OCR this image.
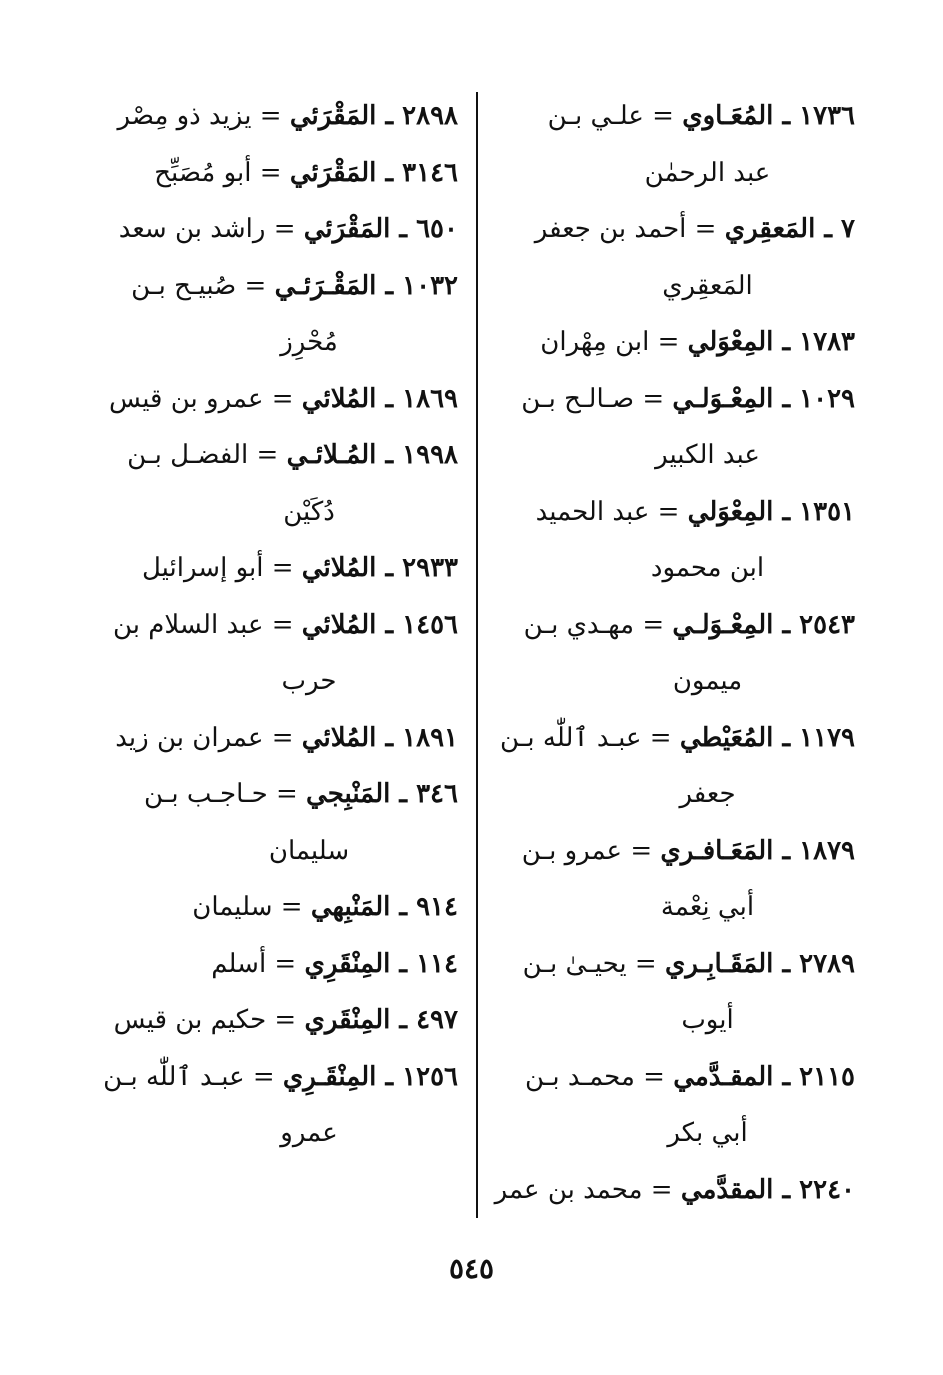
١٧٣٦ ـ المُعَـاوي = علـي بـن

عبد الرحمٰن

٧ ـ المَعقِري = أحمد بن جعفر

المَعقِري

١٧٨٣ ـ المِعْوَلي = ابن مِهْران

١٠٢٩ ـ المِعْـوَلـي = صـالـح بـن

عبد الكبير

١٣٥١ ـ المِعْوَلي = عبد الحميد

ابن محمود

٢٥٤٣ ـ المِعْـوَلـي = مهـدي بـن

ميمون

١١٧٩ ـ المُعَيْطي = عبـد ٱللّٰه بـن

جعفر

١٨٧٩ ـ المَعَـافـري = عمرو بـن

أبي نِعْمة

٢٧٨٩ ـ المَقَـابِـري = يحيـىٰ بـن

أيوب

٢١١٥ ـ المقـدَّمي = محمـد بـن

أبي بكر

٢٢٤٠ ـ المقدَّمي = محمد بن عمر

٢٨٩٨ ـ المَقْرَئي = يزيد ذو مِصْر

٣١٤٦ ـ المَقْرَئي = أبو مُصَبِّح

٦٥٠ ـ المَقْرَئي = راشد بن سعد

١٠٣٢ ـ المَقْـرَئـي = صُبيـح بـن

مُحْرِز

١٨٦٩ ـ المُلائي = عمرو بن قيس

١٩٩٨ ـ المُـلائـي = الفضـل بـن

دُكَيْن

٢٩٣٣ ـ المُلائي = أبو إسرائيل

١٤٥٦ ـ المُلائي = عبد السلام بن

حرب

١٨٩١ ـ المُلائي = عمران بن زيد

٣٤٦ ـ المَنْبِجي = حـاجـب بـن

سليمان

٩١٤ ـ المَنْبِهي = سليمان

١١٤ ـ المِنْقَرِي = أسلم

٤٩٧ ـ المِنْقَري = حكيم بن قيس

١٢٥٦ ـ المِنْقَـرِي = عبـد ٱللّٰه بـن

عمرو

٥٤٥
